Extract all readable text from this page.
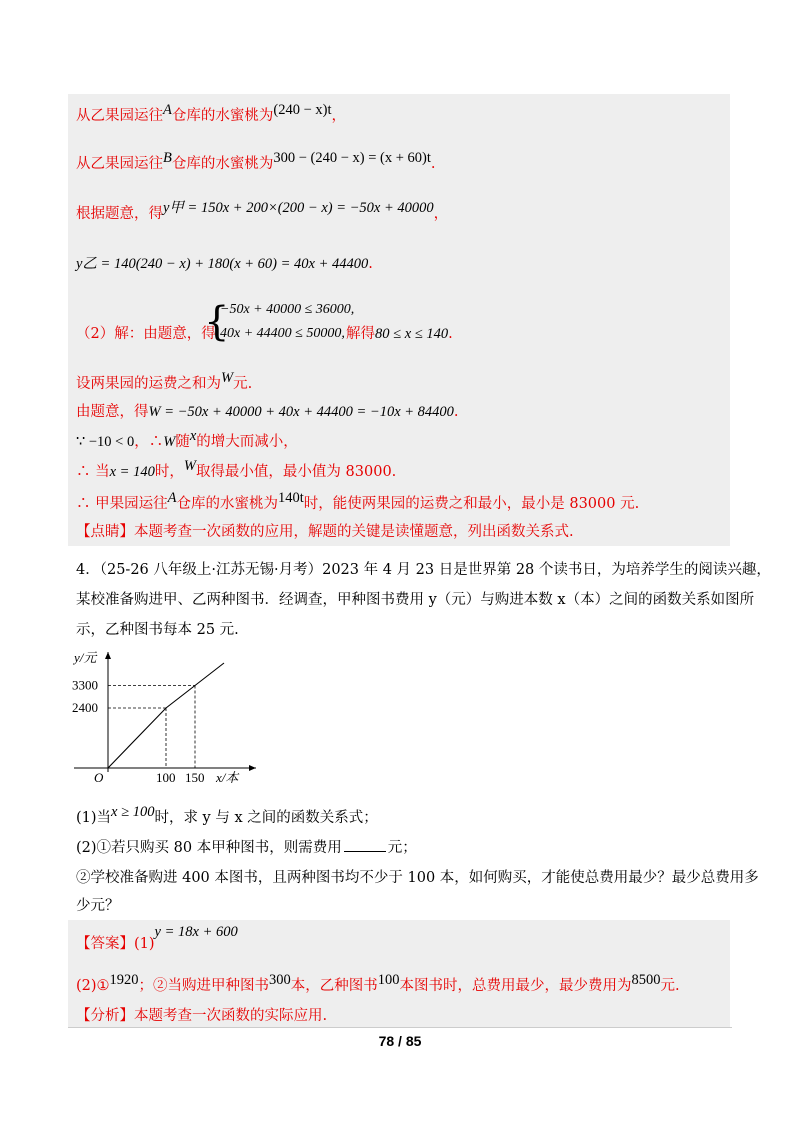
从乙果园运往A仓库的水蜜桃为(240 − x)t，
从乙果园运往B仓库的水蜜桃为300 − (240 − x) = (x + 60)t.
根据题意，得y甲 = 150x + 200×(200 − x) = −50x + 40000，
y乙 = 140(240 − x) + 180(x + 60) = 40x + 44400.
（2）解：由题意，得
{
−50x + 40000 ≤ 36000,
40x + 44400 ≤ 50000, 解得80 ≤ x ≤ 140.
设两果园的运费之和为W元.
由题意，得W = −50x + 40000 + 40x + 44400 = −10x + 84400.
∵ −10 < 0，∴W随x的增大而减小，
∴ 当x = 140时，W取得最小值，最小值为 83000.
∴ 甲果园运往A仓库的水蜜桃为140t时，能使两果园的运费之和最小，最小是 83000 元.
【点睛】本题考查一次函数的应用，解题的关键是读懂题意，列出函数关系式.
4．（25-26 八年级上·江苏无锡·月考）2023 年 4 月 23 日是世界第 28 个读书日，为培养学生的阅读兴趣，
某校准备购进甲、乙两种图书．经调查，甲种图书费用 y（元）与购进本数 x（本）之间的函数关系如图所
示，乙种图书每本 25 元.
y/元
x/本
O	100 150
2400
3300
(1)当x ≥ 100时，求 y 与 x 之间的函数关系式；
(2)①若只购买 80 本甲种图书，则需费用	元；
②学校准备购进 400 本图书，且两种图书均不少于 100 本，如何购买，才能使总费用最少？最少总费用多
少元？
【答案】(1)y = 18x + 600
(2)①1920；②当购进甲种图书300本，乙种图书100本图书时，总费用最少，最少费用为8500元.
【分析】本题考查一次函数的实际应用.
78 / 85
